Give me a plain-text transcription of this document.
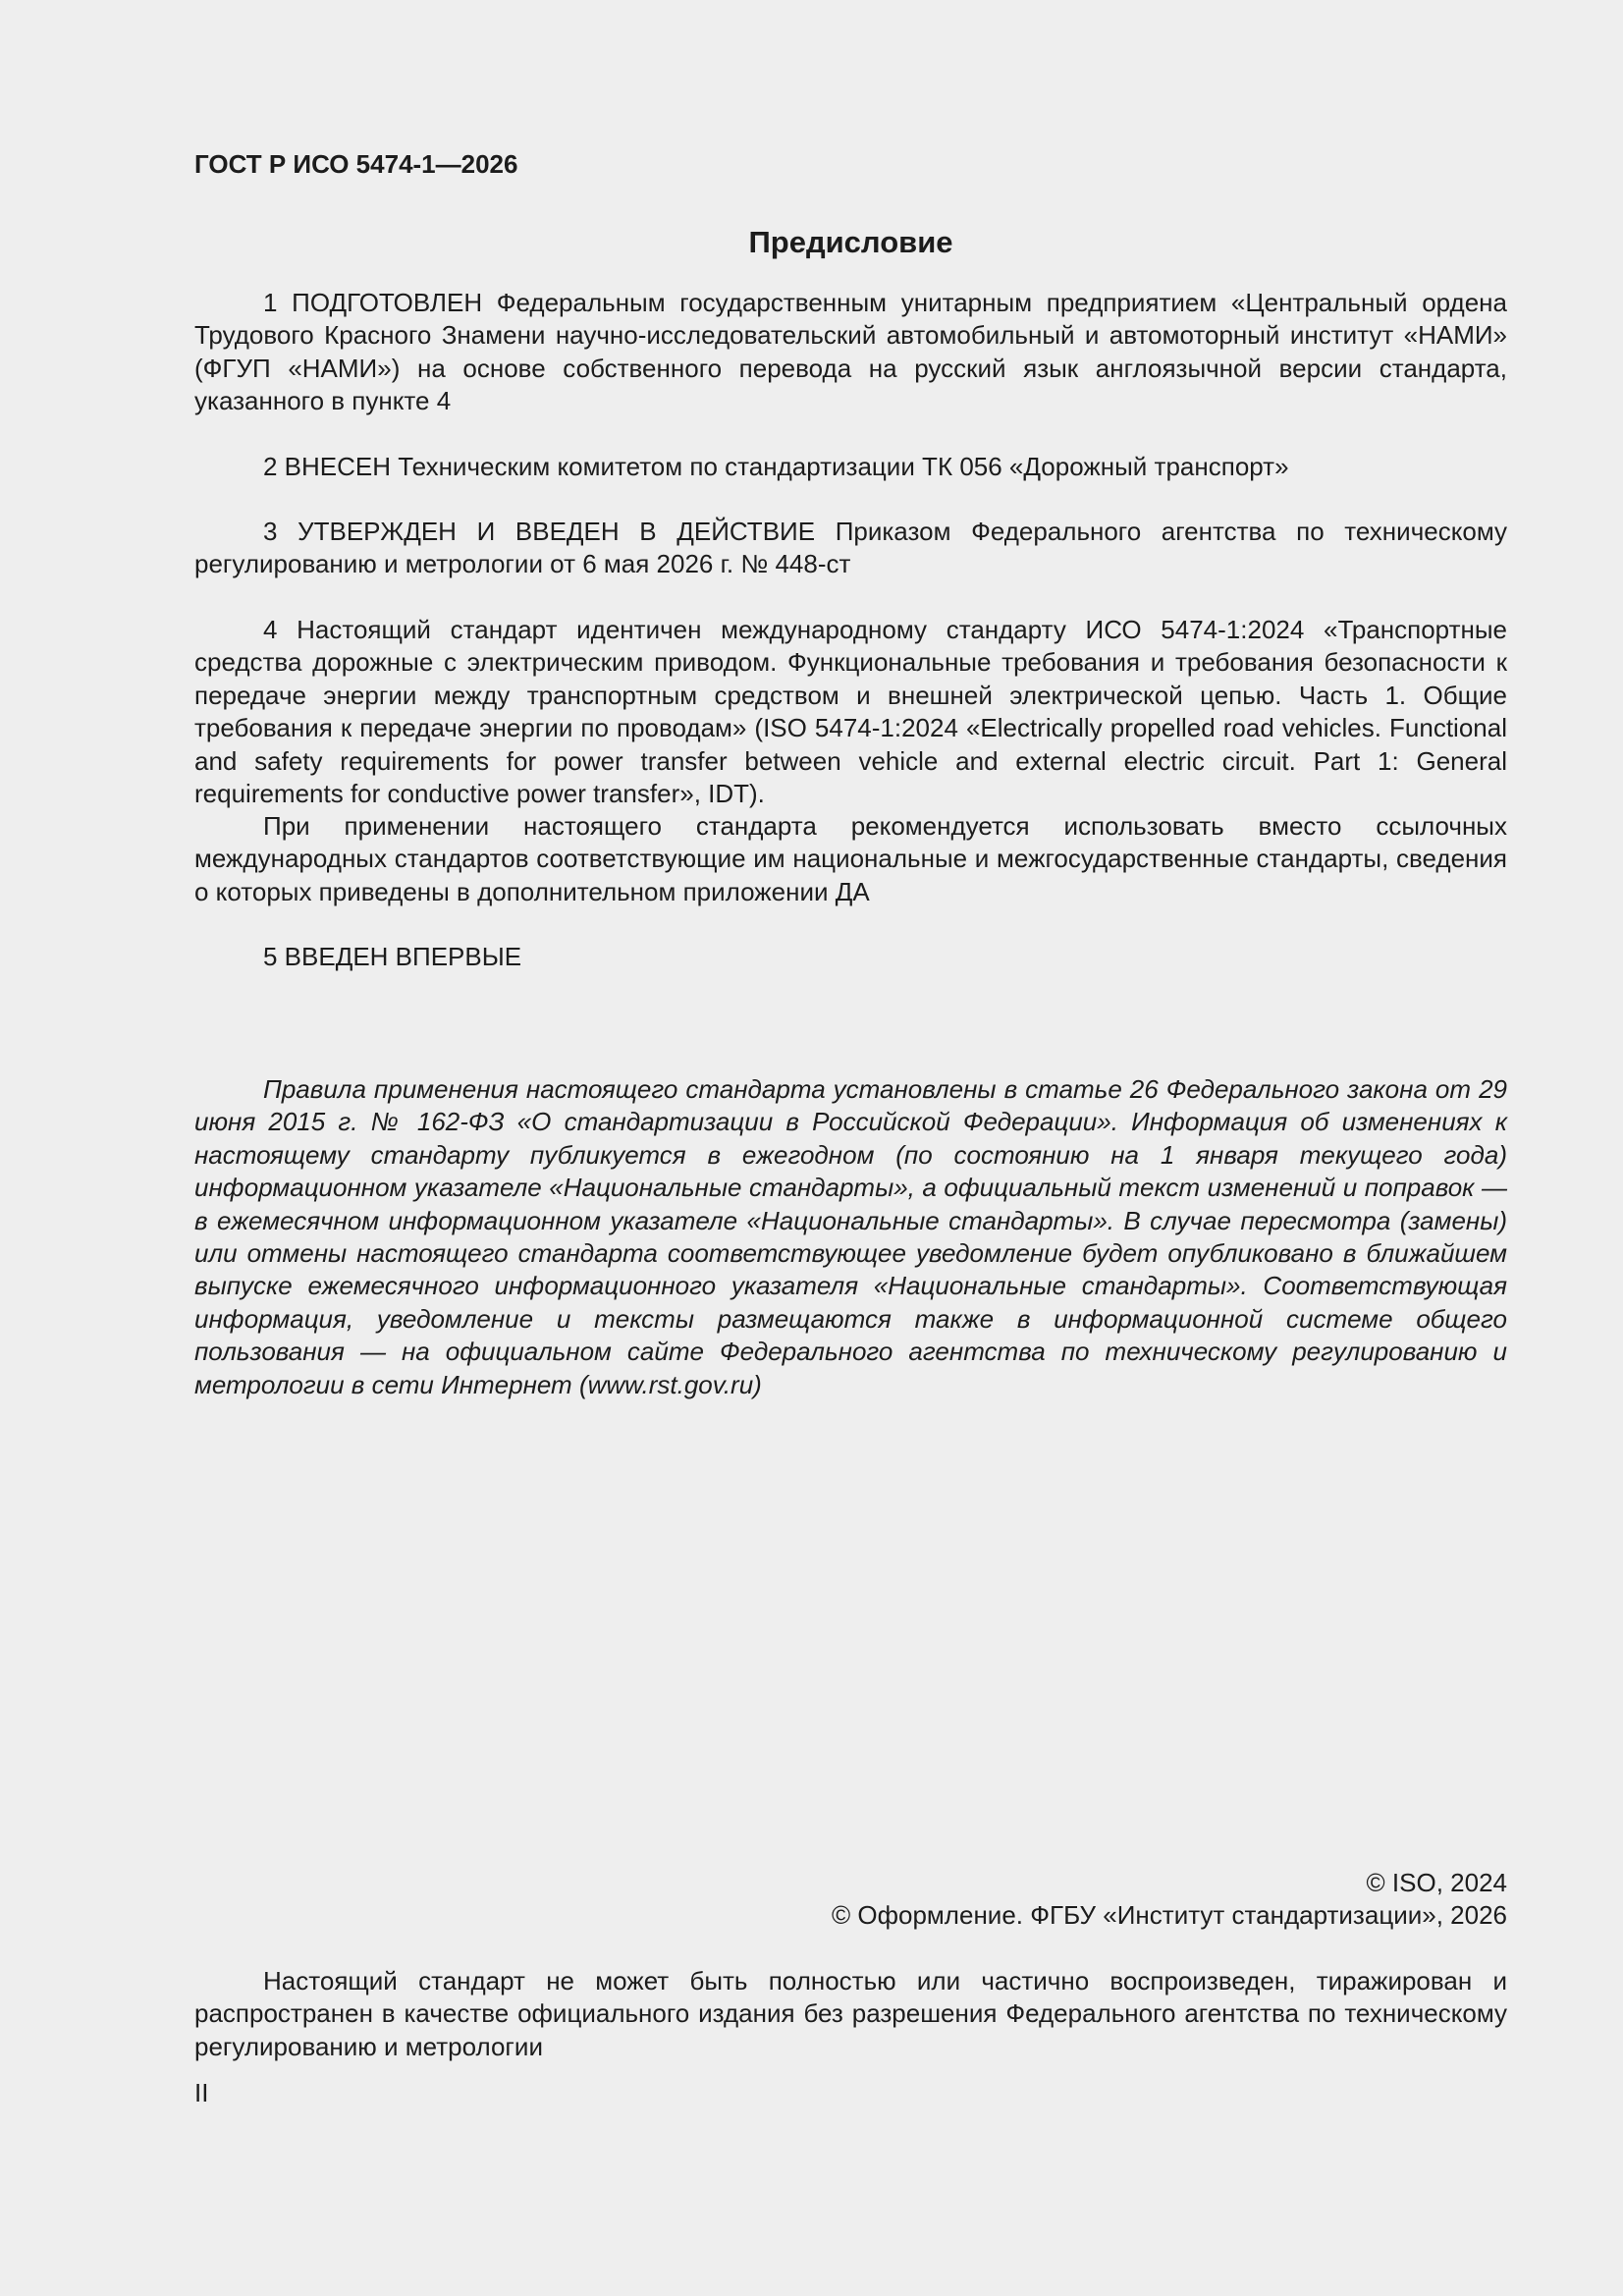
ГОСТ Р ИСО 5474-1—2026
Предисловие

1 ПОДГОТОВЛЕН Федеральным государственным унитарным предприятием «Центральный ордена Трудового Красного Знамени научно-исследовательский автомобильный и автомоторный институт «НАМИ» (ФГУП «НАМИ») на основе собственного перевода на русский язык англоязычной версии стандарта, указанного в пункте 4

2 ВНЕСЕН Техническим комитетом по стандартизации ТК 056 «Дорожный транспорт»

3 УТВЕРЖДЕН И ВВЕДЕН В ДЕЙСТВИЕ Приказом Федерального агентства по техническому регулированию и метрологии от 6 мая 2026 г. № 448-ст

4 Настоящий стандарт идентичен международному стандарту ИСО 5474-1:2024 «Транспортные средства дорожные с электрическим приводом. Функциональные требования и требования безопасности к передаче энергии между транспортным средством и внешней электрической цепью. Часть 1. Общие требования к передаче энергии по проводам» (ISO 5474-1:2024 «Electrically propelled road vehicles. Functional and safety requirements for power transfer between vehicle and external electric circuit. Part 1: General requirements for conductive power transfer», IDT).

При применении настоящего стандарта рекомендуется использовать вместо ссылочных международных стандартов соответствующие им национальные и межгосударственные стандарты, сведения о которых приведены в дополнительном приложении ДА

5 ВВЕДЕН ВПЕРВЫЕ

Правила применения настоящего стандарта установлены в статье 26 Федерального закона от 29 июня 2015 г. № 162-ФЗ «О стандартизации в Российской Федерации». Информация об изменениях к настоящему стандарту публикуется в ежегодном (по состоянию на 1 января текущего года) информационном указателе «Национальные стандарты», а официальный текст изменений и поправок — в ежемесячном информационном указателе «Национальные стандарты». В случае пересмотра (замены) или отмены настоящего стандарта соответствующее уведомление будет опубликовано в ближайшем выпуске ежемесячного информационного указателя «Национальные стандарты». Соответствующая информация, уведомление и тексты размещаются также в информационной системе общего пользования — на официальном сайте Федерального агентства по техническому регулированию и метрологии в сети Интернет (www.rst.gov.ru)

© ISO, 2024
© Оформление. ФГБУ «Институт стандартизации», 2026

Настоящий стандарт не может быть полностью или частично воспроизведен, тиражирован и распространен в качестве официального издания без разрешения Федерального агентства по техническому регулированию и метрологии

II
